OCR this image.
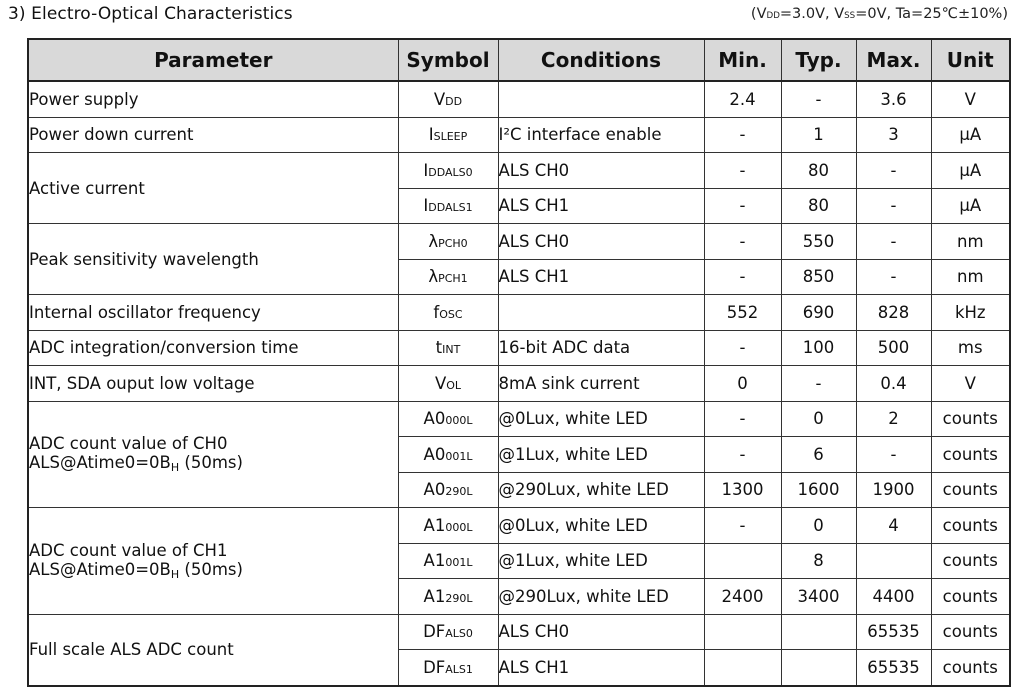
3) Electro-Optical Characteristics	(VDD=3.0V, VSS=0V, Ta=25℃±10%)
Parameter	Symbol	Conditions	Min.	Typ.	Max.	Unit
Power supply	VDD		2.4	-	3.6	V
Power down current	ISLEEP	I²C interface enable	-	1	3	μA
Active current	IDDALS0	ALS CH0	-	80	-	μA
	IDDALS1	ALS CH1	-	80	-	μA
Peak sensitivity wavelength	λPCH0	ALS CH0	-	550	-	nm
	λPCH1	ALS CH1	-	850	-	nm
Internal oscillator frequency	fOSC		552	690	828	kHz
ADC integration/conversion time	tINT	16-bit ADC data	-	100	500	ms
INT, SDA ouput low voltage	VOL	8mA sink current	0	-	0.4	V

ADC count value of CH0
ALS@Atime0=0BH (50ms)	A0000L	@0Lux, white LED	-	0	2	counts
	A0001L	@1Lux, white LED	-	6	-	counts
	A0290L	@290Lux, white LED	1300	1600	1900	counts

ADC count value of CH1
ALS@Atime0=0BH (50ms)	A1000L	@0Lux, white LED	-	0	4	counts
	A1001L	@1Lux, white LED		8		counts
	A1290L	@290Lux, white LED	2400	3400	4400	counts
Full scale ALS ADC count	DFALS0	ALS CH0			65535	counts
	DFALS1	ALS CH1			65535	counts
